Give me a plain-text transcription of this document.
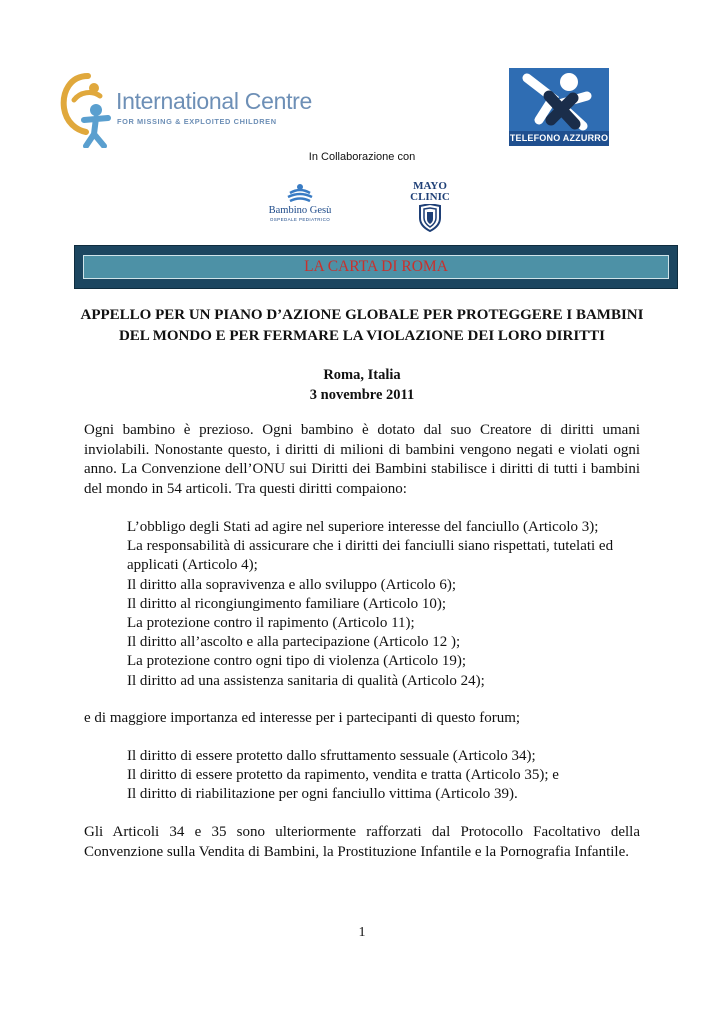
International Centre
FOR MISSING & EXPLOITED CHILDREN
TELEFONO AZZURRO
In Collaborazione con
Bambino Gesù
OSPEDALE PEDIATRICO
MAYO
CLINIC
LA CARTA DI ROMA
APPELLO PER UN PIANO D’AZIONE GLOBALE PER PROTEGGERE I BAMBINI
DEL MONDO E PER FERMARE LA VIOLAZIONE DEI LORO DIRITTI
Roma, Italia
3 novembre 2011
Ogni bambino è prezioso. Ogni bambino è dotato dal suo Creatore di diritti umani inviolabili. Nonostante questo, i diritti di milioni di bambini vengono negati e violati ogni anno. La Convenzione dell’ONU sui Diritti dei Bambini stabilisce i diritti di tutti i bambini del mondo in 54 articoli. Tra questi diritti compaiono:
L’obbligo degli Stati ad agire nel superiore interesse del fanciullo (Articolo 3);
La responsabilità di assicurare che i diritti dei fanciulli siano rispettati, tutelati ed applicati (Articolo 4);
Il diritto alla sopravivenza e allo sviluppo (Articolo 6);
Il diritto al ricongiungimento familiare (Articolo 10);
La protezione contro il rapimento (Articolo 11);
Il diritto all’ascolto e alla partecipazione (Articolo 12 );
La protezione contro ogni tipo di violenza (Articolo 19);
Il diritto ad una assistenza sanitaria di qualità (Articolo 24);
e di maggiore importanza ed interesse per i partecipanti di questo forum;
Il diritto di essere protetto dallo sfruttamento sessuale (Articolo 34);
Il diritto di essere protetto da rapimento, vendita e tratta (Articolo 35); e
Il diritto di riabilitazione per ogni fanciullo vittima (Articolo 39).
Gli Articoli 34 e 35 sono ulteriormente rafforzati dal Protocollo Facoltativo della Convenzione sulla Vendita di Bambini, la Prostituzione Infantile e la Pornografia Infantile.
1
